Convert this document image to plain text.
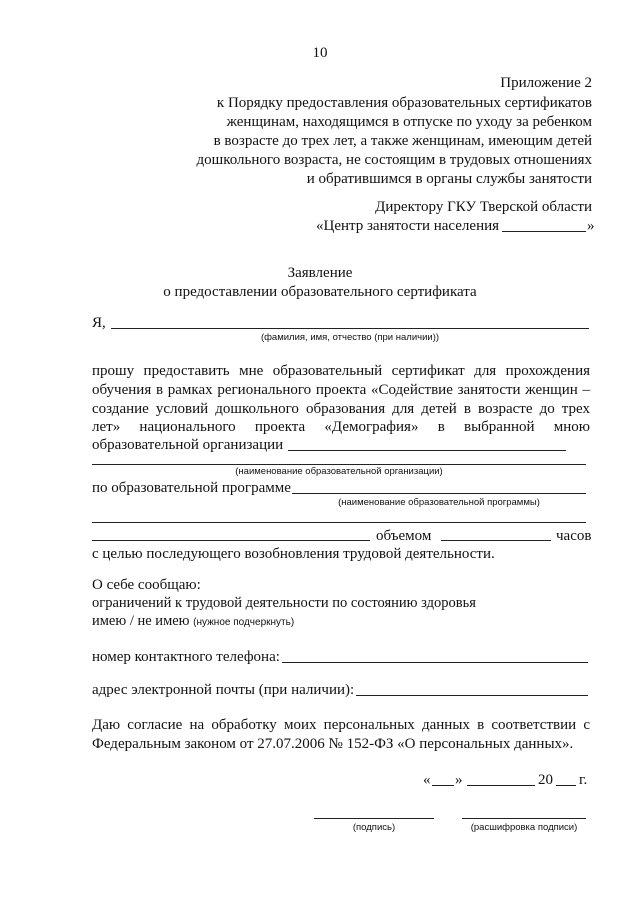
10
Приложение 2
к Порядку предоставления образовательных сертификатов
женщинам, находящимся в отпуске по уходу за ребенком
в возрасте до трех лет, а также женщинам, имеющим детей
дошкольного возраста, не состоящим в трудовых отношениях
и обратившимся в органы службы занятости
Директору ГКУ Тверской области
«Центр занятости населения	»
Заявление
о предоставлении образовательного сертификата
Я,
(фамилия, имя, отчество (при наличии))
прошу предоставить мне образовательный сертификат для прохождения
обучения в рамках регионального проекта «Содействие занятости женщин –
создание условий дошкольного образования для детей в возрасте до трех
лет» национального проекта «Демография» в выбранной мною
образовательной организации
(наименование образовательной организации)
по образовательной программе
(наименование образовательной программы)
объемом	часов
с целью последующего возобновления трудовой деятельности.
О себе сообщаю:
ограничений к трудовой деятельности по состоянию здоровья
имею / не имею (нужное подчеркнуть)
номер контактного телефона:
адрес электронной почты (при наличии):
Даю согласие на обработку моих персональных данных в соответствии с
Федеральным законом от 27.07.2006 № 152-ФЗ «О персональных данных».
« »	20 г.
(подпись)	(расшифровка подписи)
